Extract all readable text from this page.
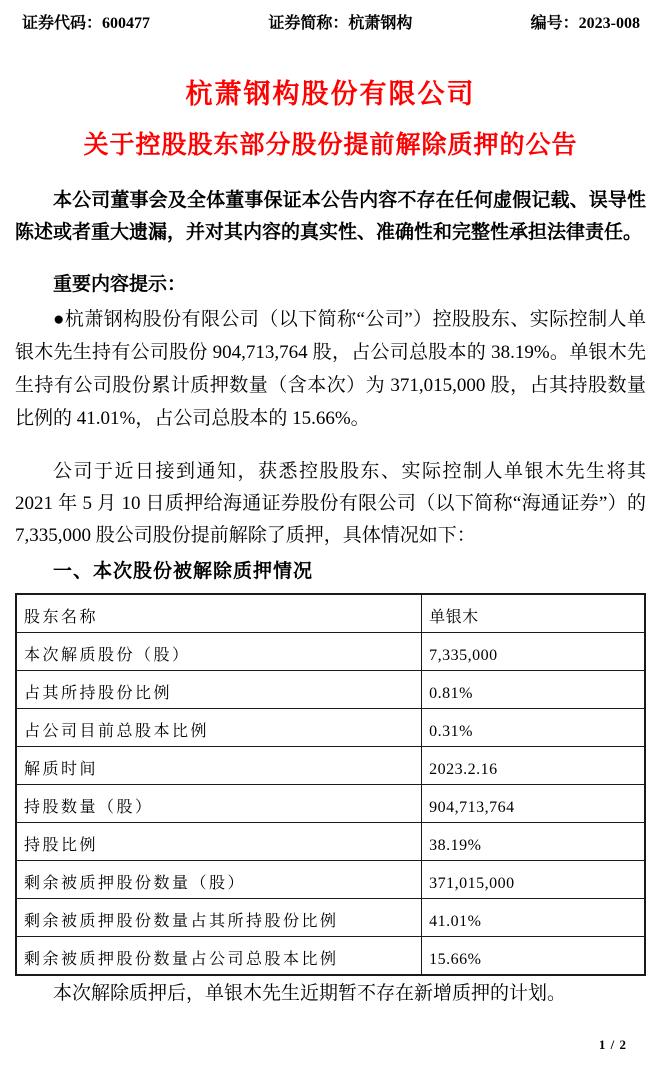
证券代码：600477	证券简称：杭萧钢构	编号：2023-008
杭萧钢构股份有限公司
关于控股股东部分股份提前解除质押的公告

本公司董事会及全体董事保证本公告内容不存在任何虚假记载、误导性陈述或者重大遗漏，并对其内容的真实性、准确性和完整性承担法律责任。

重要内容提示：

●杭萧钢构股份有限公司（以下简称“公司”）控股股东、实际控制人单银木先生持有公司股份 904,713,764 股，占公司总股本的 38.19%。单银木先生持有公司股份累计质押数量（含本次）为 371,015,000 股，占其持股数量比例的 41.01%，占公司总股本的 15.66%。

公司于近日接到通知，获悉控股股东、实际控制人单银木先生将其 2021 年 5 月 10 日质押给海通证券股份有限公司（以下简称“海通证券”）的 7,335,000 股公司股份提前解除了质押，具体情况如下：

一、本次股份被解除质押情况

股东名称	单银木
本次解质股份（股）	7,335,000
占其所持股份比例	0.81%
占公司目前总股本比例	0.31%
解质时间	2023.2.16
持股数量（股）	904,713,764
持股比例	38.19%
剩余被质押股份数量（股）	371,015,000
剩余被质押股份数量占其所持股份比例	41.01%
剩余被质押股份数量占公司总股本比例	15.66%

本次解除质押后，单银木先生近期暂不存在新增质押的计划。

1 / 2
